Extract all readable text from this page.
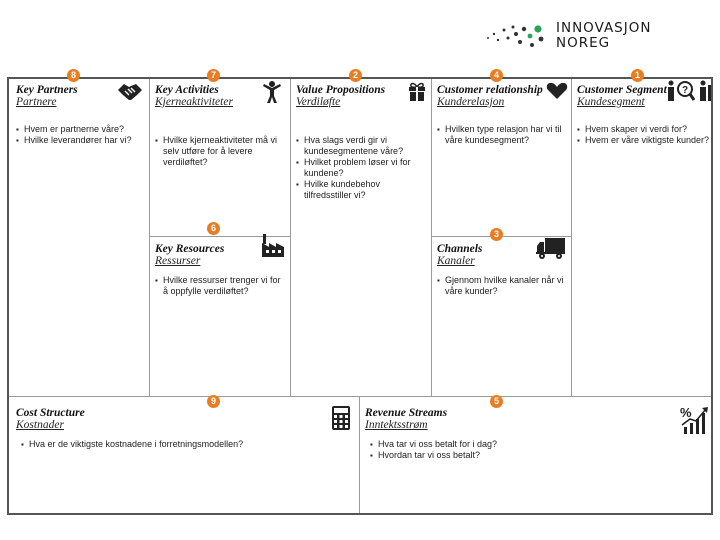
INNOVASJON
NOREG
8	7	2	4	1
6
3
9	5
Key Partners
Partnere
▪ Hvem er partnerne våre?
▪ Hvilke leverandører har vi?
Key Activities
Kjerneaktiviteter
▪ Hvilke kjerneaktiviteter må vi selv utføre for å levere verdiløftet?
Key Resources
Ressurser
▪ Hvilke ressurser trenger vi for å oppfylle verdiløftet?
Value Propositions
Verdiløfte
▪ Hva slags verdi gir vi kundesegmentene våre?
▪ Hvilket problem løser vi for kundene?
▪ Hvilke kundebehov tilfredsstiller vi?
Customer relationship
Kunderelasjon
▪ Hvilken type relasjon har vi til våre kundesegment?
Channels
Kanaler
▪ Gjennom hvilke kanaler når vi våre kunder?
Customer Segment
Kundesegment
▪ Hvem skaper vi verdi for?
▪ Hvem er våre viktigste kunder?
?
Cost Structure
Kostnader
▪ Hva er de viktigste kostnadene i forretningsmodellen?
Revenue Streams
Inntektsstrøm
▪ Hva tar vi oss betalt for i dag?
▪ Hvordan tar vi oss betalt?
%
